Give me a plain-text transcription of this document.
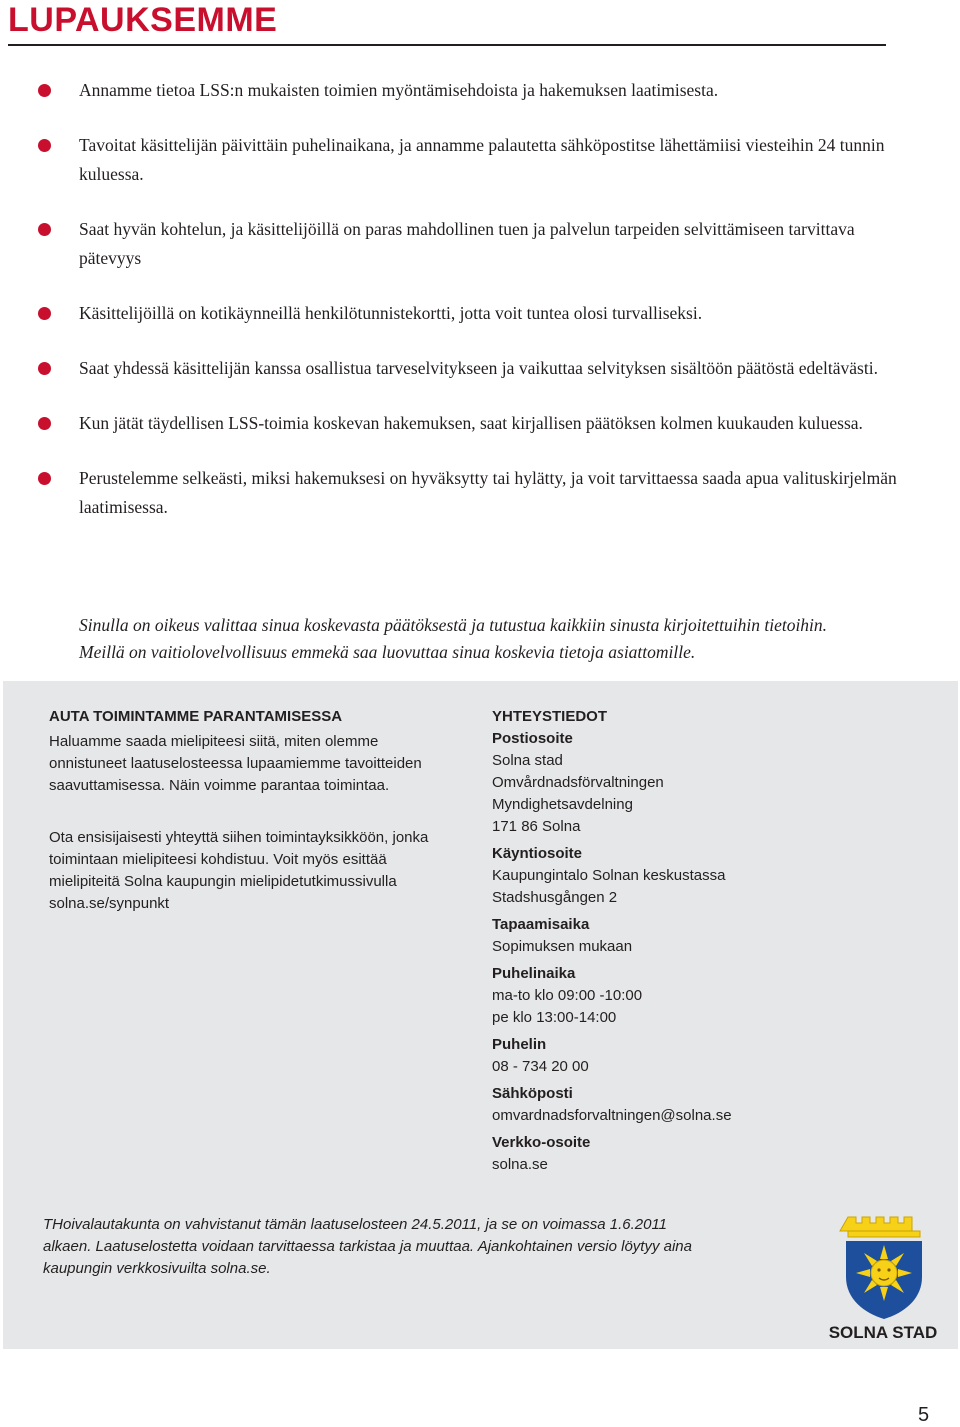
LUPAUKSEMME
Annamme tietoa LSS:n mukaisten toimien myöntämisehdoista ja hakemuksen laatimisesta.
Tavoitat käsittelijän päivittäin puhelinaikana, ja annamme palautetta sähköpostitse lähettämiisi viesteihin 24 tunnin kuluessa.
Saat hyvän kohtelun, ja käsittelijöillä on paras mahdollinen tuen ja palvelun tarpeiden selvittämiseen tarvittava pätevyys
Käsittelijöillä on kotikäynneillä henkilötunnistekortti, jotta voit tuntea olosi turvalliseksi.
Saat yhdessä käsittelijän kanssa osallistua tarveselvitykseen ja vaikuttaa selvityksen sisältöön päätöstä edeltävästi.
Kun jätät täydellisen LSS-toimia koskevan hakemuksen, saat kirjallisen päätöksen kolmen kuukauden kuluessa.
Perustelemme selkeästi, miksi hakemuksesi on hyväksytty tai hylätty, ja voit tarvittaessa saada apua valituskirjelmän laatimisessa.

Sinulla on oikeus valittaa sinua koskevasta päätöksestä ja tutustua kaikkiin sinusta kirjoitettuihin tietoihin.
Meillä on vaitiolovelvollisuus emmekä saa luovuttaa sinua koskevia tietoja asiattomille.

AUTA TOIMINTAMME PARANTAMISESSA

Haluamme saada mielipiteesi siitä, miten olemme onnistuneet laatuselosteessa lupaamiemme tavoitteiden saavuttamisessa. Näin voimme parantaa toimintaa.

Ota ensisijaisesti yhteyttä siihen toimintayksikköön, jonka toimintaan mielipiteesi kohdistuu. Voit myös esittää mielipiteitä Solna kaupungin mielipidetutkimussivulla solna.se/synpunkt

YHTEYSTIEDOT
Postiosoite
Solna stad
Omvårdnadsförvaltningen
Myndighetsavdelning
171 86 Solna
Käyntiosoite
Kaupungintalo Solnan keskustassa
Stadshusgången 2
Tapaamisaika
Sopimuksen mukaan
Puhelinaika
ma-to klo 09:00 -10:00
pe klo 13:00-14:00
Puhelin
08 - 734 20 00
Sähköposti
omvardnadsforvaltningen@solna.se
Verkko-osoite
solna.se

THoivalautakunta on vahvistanut tämän laatuselosteen 24.5.2011, ja se on voimassa 1.6.2011 alkaen. Laatuselostetta voidaan tarvittaessa tarkistaa ja muuttaa. Ajankohtainen versio löytyy aina kaupungin verkkosivuilta solna.se.

SOLNA STAD
5
